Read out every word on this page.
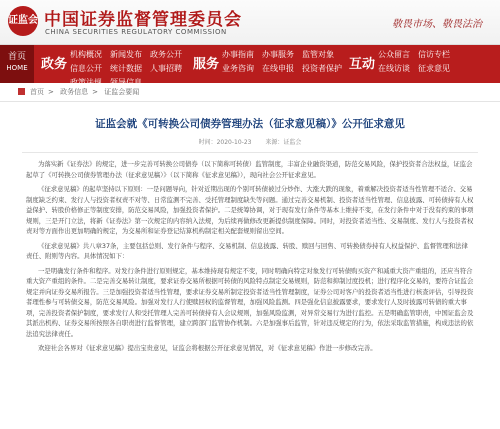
证监会 中国证券监督管理委员会
CHINA SECURITIES REGULATORY COMMISSION
敬畏市场、敬畏法治
首页
HOME	政务
机构概况	新闻发布	政务公开
信息公开	统计数据	人事招聘
政策法规	领导信息
服务
办事指南	办事服务	监管对象
业务咨询	在线申报	投资者保护 互动
公众留言	信访专栏
在线访谈	征求意见
首页 > 政务信息 > 证监会要闻
证监会就《可转换公司债券管理办法（征求意见稿）》公开征求意见
时间：2020-10-23 来源：证监会

为落实新《证券法》的规定，进一步完善可转换公司债券（以下简称可转债）监管制度，丰富企业融资渠道，防范交易风险，保护投资者合法权益，证监会起草了《可转换公司债券管理办法（征求意见稿）》（以下简称《征求意见稿》），现向社会公开征求意见。

《征求意见稿》的起草坚持以下原则：一是问题导向，针对近期出现的个别可转债被过分炒作、大涨大跌的现象，着重解决投资者适当性管理不适合、交易制度缺乏约束、发行人与投资者权责不对等、日常监测不完善、受托管理制度缺失等问题。通过完善交易机制、投资者适当性管理、信息披露、可转债持有人权益保护、转股价格修正等制度安排，防范交易风险，加强投资者保护。二是统筹协调，对于现有发行条件等基本上维持不变，在发行条件中对于没有约束的事项规则，三是开门立法，将新《证券法》第一次规定的内容纳入法规，为后续再做修改更新提供制度保障。同时，对投资者适当性、交易制度、发行人与投资者权责对等方面作出更加明确的规定，为交易所和证券登记结算机构制定相关配套规则留出空间。

《征求意见稿》共八章37条，主要包括总则、发行条件与程序、交易机制、信息披露、转股、赎回与回售、可转换债券持有人权益保护、监督管理和法律责任、附则等内容。具体情况如下：

一是明确发行条件和程序。对发行条件进行原则规定，基本维持现有规定不变，同时明确向特定对象发行可转债购买资产和减重大资产重组的，还应当符合重大资产重组的条件。二是完善交易转让制度，要求证券交易所根据可转债的风险特点制定交易规则，防范和抑制过度投机；进行程序化交易的，要符合证监会规定并向证券交易所报告。三是加强投资者适当性管理，要求证券交易所制定投资者适当性管理制度，证券公司对客户的投资者适当性进行核查评估，引导投资者理性参与可转债交易，防范交易风险。加强对发行人行使赎回权的监督管理，加强风险监测。四是强化信息披露要求，要求发行人及时披露可转债的重大事项，完善投资者保护制度，要求发行人和受托管理人完善可转债持有人会议规则，加强风险监测，对异常交易行为进行监控。五是明确监管职责，中国证监会及其派出机构、证券交易所按照各自职责进行监督管理，建立跨部门监管协作机制。六是加强事后监管，针对违反规定的行为，依法采取监管措施，构成违法的依法追究法律责任。

欢迎社会各界对《征求意见稿》提出宝贵意见，证监会将根据公开征求意见情况，对《征求意见稿》作进一步修改完善。
